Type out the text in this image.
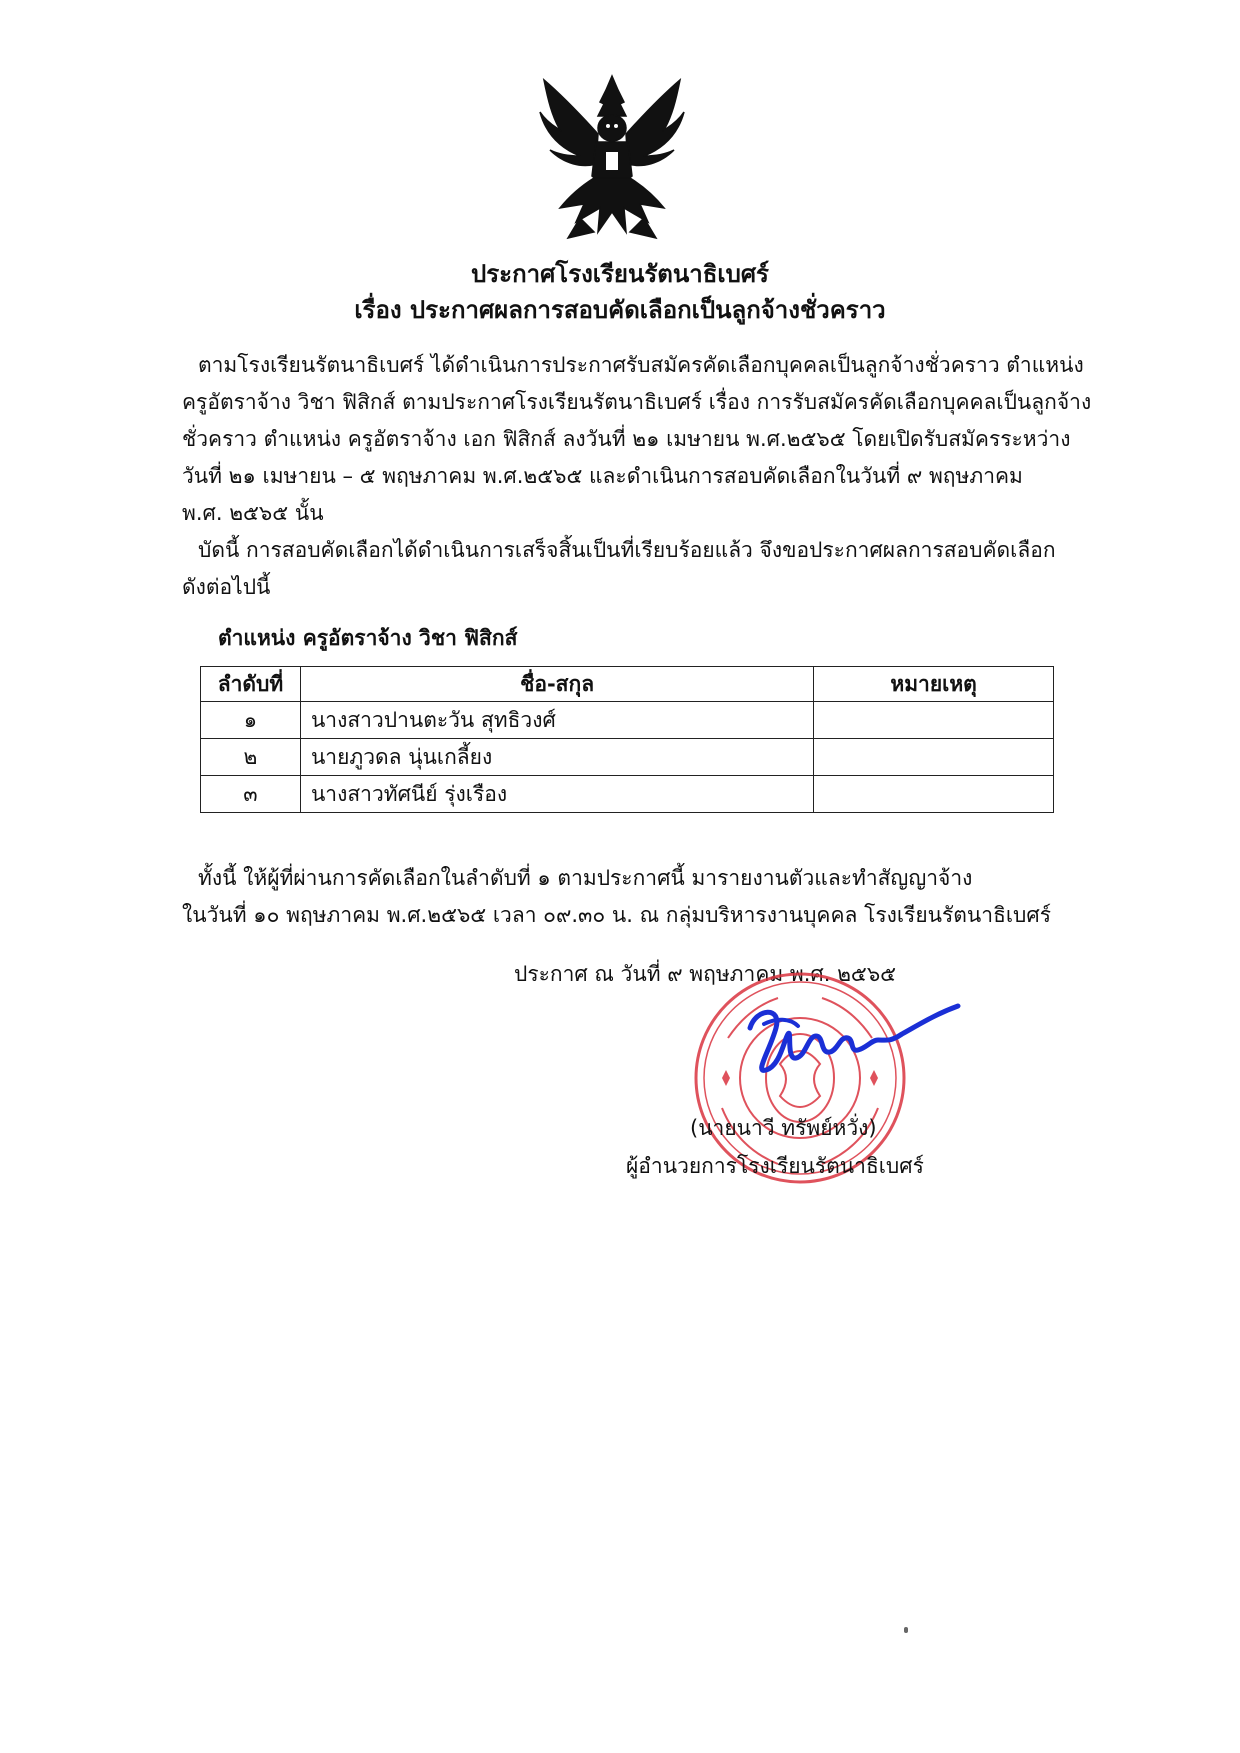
ประกาศโรงเรียนรัตนาธิเบศร์
เรื่อง ประกาศผลการสอบคัดเลือกเป็นลูกจ้างชั่วคราว
ตามโรงเรียนรัตนาธิเบศร์ ได้ดำเนินการประกาศรับสมัครคัดเลือกบุคคลเป็นลูกจ้างชั่วคราว ตำแหน่ง
ครูอัตราจ้าง วิชา ฟิสิกส์ ตามประกาศโรงเรียนรัตนาธิเบศร์ เรื่อง การรับสมัครคัดเลือกบุคคลเป็นลูกจ้าง
ชั่วคราว ตำแหน่ง ครูอัตราจ้าง เอก ฟิสิกส์ ลงวันที่ ๒๑ เมษายน พ.ศ.๒๕๖๕ โดยเปิดรับสมัครระหว่าง
วันที่ ๒๑ เมษายน – ๕ พฤษภาคม พ.ศ.๒๕๖๕ และดำเนินการสอบคัดเลือกในวันที่ ๙ พฤษภาคม
พ.ศ. ๒๕๖๕ นั้น
บัดนี้ การสอบคัดเลือกได้ดำเนินการเสร็จสิ้นเป็นที่เรียบร้อยแล้ว จึงขอประกาศผลการสอบคัดเลือก
ดังต่อไปนี้
ตำแหน่ง ครูอัตราจ้าง วิชา ฟิสิกส์
ลำดับที่	ชื่อ-สกุล	หมายเหตุ
๑	นางสาวปานตะวัน สุทธิวงศ์	
๒	นายภูวดล นุ่นเกลี้ยง	
๓	นางสาวทัศนีย์ รุ่งเรือง	
ทั้งนี้ ให้ผู้ที่ผ่านการคัดเลือกในลำดับที่ ๑ ตามประกาศนี้ มารายงานตัวและทำสัญญาจ้าง
ในวันที่ ๑๐ พฤษภาคม พ.ศ.๒๕๖๕ เวลา ๐๙.๓๐ น. ณ กลุ่มบริหารงานบุคคล โรงเรียนรัตนาธิเบศร์
ประกาศ ณ วันที่ ๙ พฤษภาคม พ.ศ. ๒๕๖๕
(นายนาวี ทรัพย์หวั่ง)
ผู้อำนวยการโรงเรียนรัตนาธิเบศร์
